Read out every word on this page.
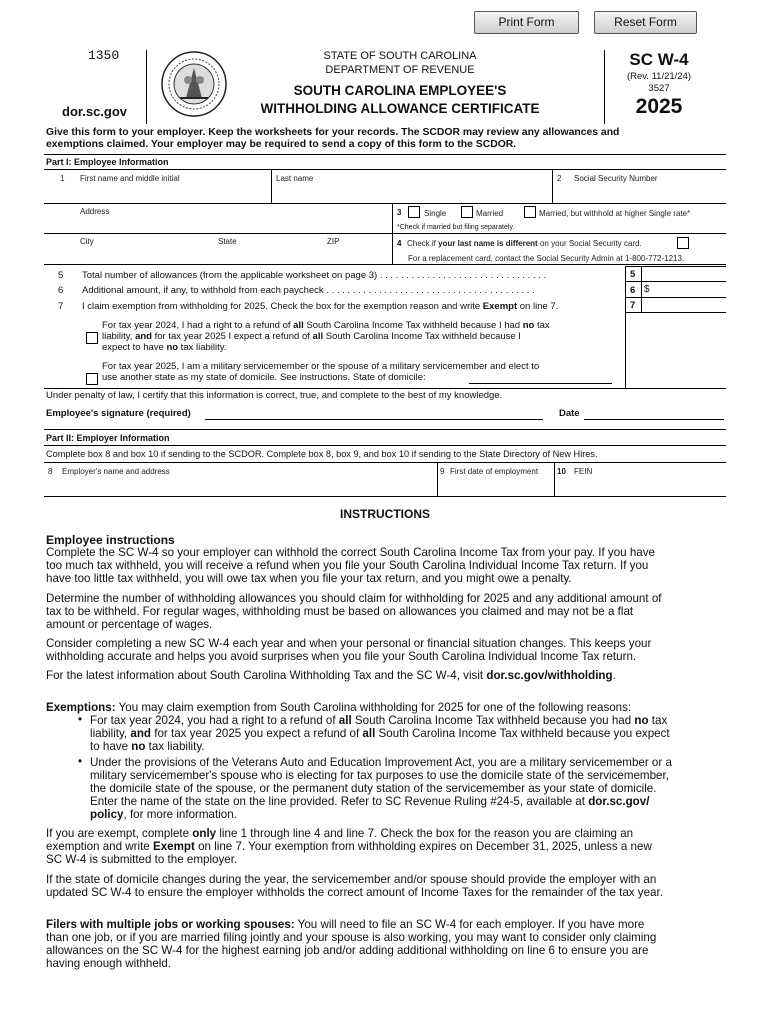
Print Form	Reset Form
1350
dor.sc.gov
STATE OF SOUTH CAROLINA
DEPARTMENT OF REVENUE
SOUTH CAROLINA EMPLOYEE'S
WITHHOLDING ALLOWANCE CERTIFICATE
SC W-4
(Rev. 11/21/24)
3527
2025
Give this form to your employer. Keep the worksheets for your records. The SCDOR may review any allowances and
exemptions claimed. Your employer may be required to send a copy of this form to the SCDOR.
Part I: Employee Information
1 First name and middle initial	Last name	2 Social Security Number
Address	3	Single	Married	Married, but withhold at higher Single rate*
*Check if married but filing separately.
City	State	ZIP	4 Check if your last name is different on your Social Security card.
For a replacement card, contact the Social Security Admin at 1-800-772-1213.
5 Total number of allowances (from the applicable worksheet on page 3) . . . . . . . . . . . . . . . . . . . . . . . . . . . . . . . .
6 Additional amount, if any, to withhold from each paycheck . . . . . . . . . . . . . . . . . . . . . . . . . . . . . . . . . . . . . . . .
7 I claim exemption from withholding for 2025. Check the box for the exemption reason and write Exempt on line 7.
5
6 $
7
For tax year 2024, I had a right to a refund of all South Carolina Income Tax withheld because I had no tax
liability, and for tax year 2025 I expect a refund of all South Carolina Income Tax withheld because I
expect to have no tax liability.
For tax year 2025, I am a military servicemember or the spouse of a military servicemember and elect to
use another state as my state of domicile. See instructions. State of domicile:
Under penalty of law, I certify that this information is correct, true, and complete to the best of my knowledge.
Employee's signature (required)	Date
Part II: Employer Information
Complete box 8 and box 10 if sending to the SCDOR. Complete box 8, box 9, and box 10 if sending to the State Directory of New Hires.
8 Employer's name and address	9 First date of employment 10 FEIN
INSTRUCTIONS
Employee instructions
Complete the SC W-4 so your employer can withhold the correct South Carolina Income Tax from your pay. If you have
too much tax withheld, you will receive a refund when you file your South Carolina Individual Income Tax return. If you
have too little tax withheld, you will owe tax when you file your tax return, and you might owe a penalty.
Determine the number of withholding allowances you should claim for withholding for 2025 and any additional amount of
tax to be withheld. For regular wages, withholding must be based on allowances you claimed and may not be a flat
amount or percentage of wages.
Consider completing a new SC W-4 each year and when your personal or financial situation changes. This keeps your
withholding accurate and helps you avoid surprises when you file your South Carolina Individual Income Tax return.
For the latest information about South Carolina Withholding Tax and the SC W-4, visit dor.sc.gov/withholding.
Exemptions: You may claim exemption from South Carolina withholding for 2025 for one of the following reasons:
• For tax year 2024, you had a right to a refund of all South Carolina Income Tax withheld because you had no tax
liability, and for tax year 2025 you expect a refund of all South Carolina Income Tax withheld because you expect
to have no tax liability.
• Under the provisions of the Veterans Auto and Education Improvement Act, you are a military servicemember or a
military servicemember's spouse who is electing for tax purposes to use the domicile state of the servicemember,
the domicile state of the spouse, or the permanent duty station of the servicemember as your state of domicile.
Enter the name of the state on the line provided. Refer to SC Revenue Ruling #24-5, available at dor.sc.gov/
policy, for more information.
If you are exempt, complete only line 1 through line 4 and line 7. Check the box for the reason you are claiming an
exemption and write Exempt on line 7. Your exemption from withholding expires on December 31, 2025, unless a new
SC W-4 is submitted to the employer.
If the state of domicile changes during the year, the servicemember and/or spouse should provide the employer with an
updated SC W-4 to ensure the employer withholds the correct amount of Income Taxes for the remainder of the tax year.
Filers with multiple jobs or working spouses: You will need to file an SC W-4 for each employer. If you have more
than one job, or if you are married filing jointly and your spouse is also working, you may want to consider only claiming
allowances on the SC W-4 for the highest earning job and/or adding additional withholding on line 6 to ensure you are
having enough withheld.
